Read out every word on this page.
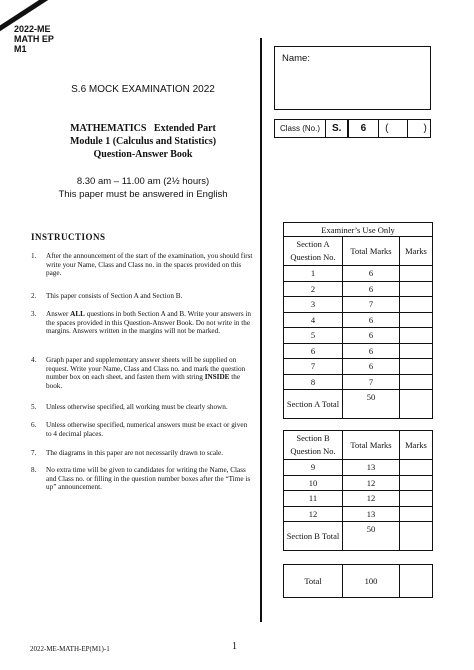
2022-ME
MATH EP
M1
S.6 MOCK EXAMINATION 2022
MATHEMATICS Extended Part
Module 1 (Calculus and Statistics)
Question-Answer Book
8.30 am – 11.00 am (2½ hours)
This paper must be answered in English
INSTRUCTIONS
1. After the announcement of the start of the examination, you should first write your Name, Class and Class no. in the spaces provided on this page.
2. This paper consists of Section A and Section B.
3. Answer ALL questions in both Section A and B. Write your answers in the spaces provided in this Question-Answer Book. Do not write in the margins. Answers written in the margins will not be marked.
4. Graph paper and supplementary answer sheets will be supplied on request. Write your Name, Class and Class no. and mark the question number box on each sheet, and fasten them with string INSIDE the book.
5. Unless otherwise specified, all working must be clearly shown.
6. Unless otherwise specified, numerical answers must be exact or given to 4 decimal places.
7. The diagrams in this paper are not necessarily drawn to scale.
8. No extra time will be given to candidates for writing the Name, Class and Class no. or filling in the question number boxes after the “Time is up” announcement.
Name:
Class (No.)	S.	6	(	)
Examiner’s Use Only		
Section A Question No.	Total Marks	Marks
1	6	
2	6	
3	7	
4	6	
5	6	
6	6	
7	6	
8	7	
Section A Total	50	
Section B Question No.	Total Marks	Marks
9	13	
10	12	
11	12	
12	13	
Section B Total	50	
Total	100	
2022-ME-MATH-EP(M1)-1	1
